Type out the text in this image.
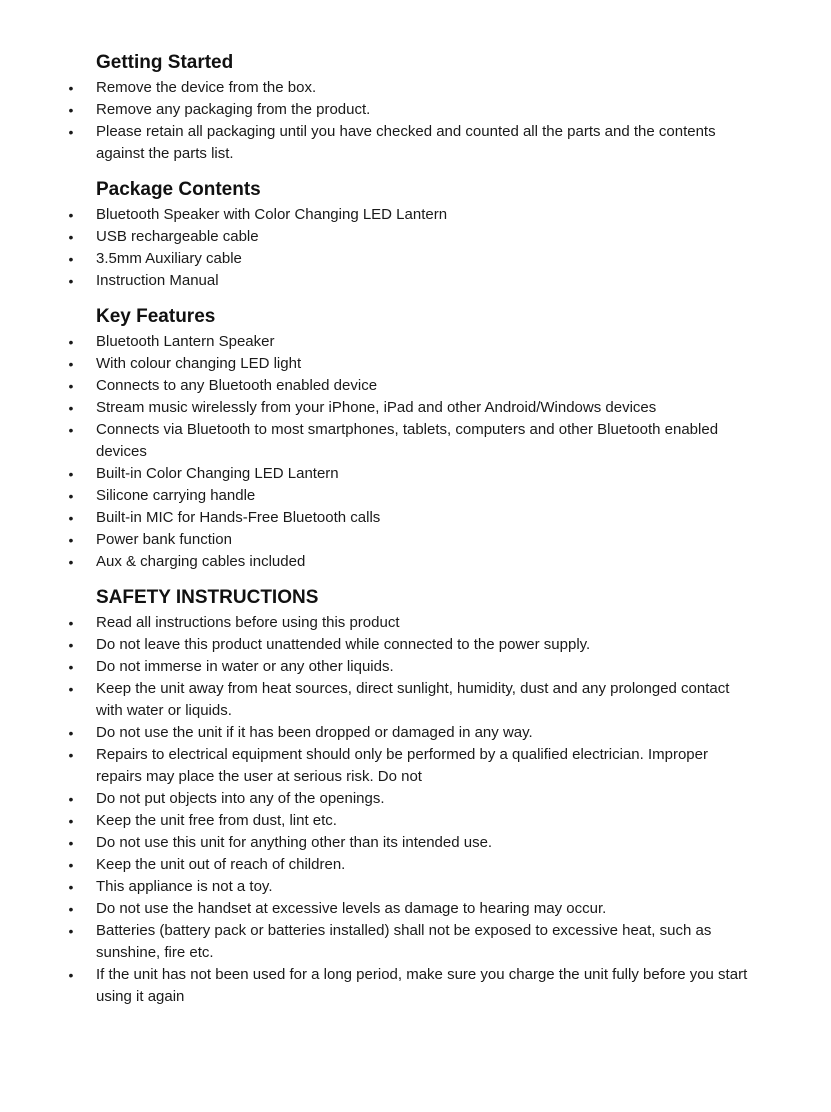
Getting Started
• Remove the device from the box.
• Remove any packaging from the product.
• Please retain all packaging until you have checked and counted all the parts and the contents against the parts list.
Package Contents
• Bluetooth Speaker with Color Changing LED Lantern
• USB rechargeable cable
• 3.5mm Auxiliary cable
• Instruction Manual
Key Features
• Bluetooth Lantern Speaker
• With colour changing LED light
• Connects to any Bluetooth enabled device
• Stream music wirelessly from your iPhone, iPad and other Android/Windows devices
• Connects via Bluetooth to most smartphones, tablets, computers and other Bluetooth enabled devices
• Built-in Color Changing LED Lantern
• Silicone carrying handle
• Built-in MIC for Hands-Free Bluetooth calls
• Power bank function
• Aux & charging cables included
SAFETY INSTRUCTIONS
• Read all instructions before using this product
• Do not leave this product unattended while connected to the power supply.
• Do not immerse in water or any other liquids.
• Keep the unit away from heat sources, direct sunlight, humidity, dust and any prolonged contact with water or liquids.
• Do not use the unit if it has been dropped or damaged in any way.
• Repairs to electrical equipment should only be performed by a qualified electrician. Improper repairs may place the user at serious risk. Do not
• Do not put objects into any of the openings.
• Keep the unit free from dust, lint etc.
• Do not use this unit for anything other than its intended use.
• Keep the unit out of reach of children.
• This appliance is not a toy.
• Do not use the handset at excessive levels as damage to hearing may occur.
• Batteries (battery pack or batteries installed) shall not be exposed to excessive heat, such as sunshine, fire etc.
• If the unit has not been used for a long period, make sure you charge the unit fully before you start using it again
